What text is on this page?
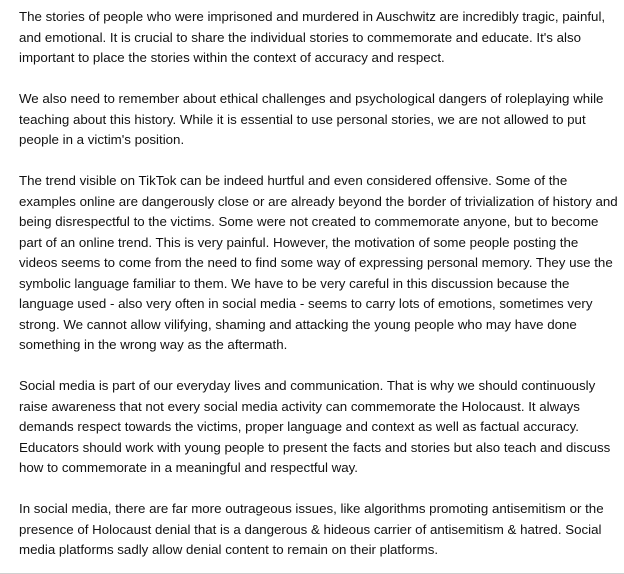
The stories of people who were imprisoned and murdered in Auschwitz are incredibly tragic, painful, and emotional. It is crucial to share the individual stories to commemorate and educate. It's also important to place the stories within the context of accuracy and respect.

We also need to remember about ethical challenges and psychological dangers of roleplaying while teaching about this history. While it is essential to use personal stories, we are not allowed to put people in a victim's position.

The trend visible on TikTok can be indeed hurtful and even considered offensive. Some of the examples online are dangerously close or are already beyond the border of trivialization of history and being disrespectful to the victims. Some were not created to commemorate anyone, but to become part of an online trend. This is very painful. However, the motivation of some people posting the videos seems to come from the need to find some way of expressing personal memory. They use the symbolic language familiar to them. We have to be very careful in this discussion because the language used - also very often in social media - seems to carry lots of emotions, sometimes very strong. We cannot allow vilifying, shaming and attacking the young people who may have done something in the wrong way as the aftermath.

Social media is part of our everyday lives and communication. That is why we should continuously raise awareness that not every social media activity can commemorate the Holocaust. It always demands respect towards the victims, proper language and context as well as factual accuracy. Educators should work with young people to present the facts and stories but also teach and discuss how to commemorate in a meaningful and respectful way.

In social media, there are far more outrageous issues, like algorithms promoting antisemitism or the presence of Holocaust denial that is a dangerous & hideous carrier of antisemitism & hatred. Social media platforms sadly allow denial content to remain on their platforms.
